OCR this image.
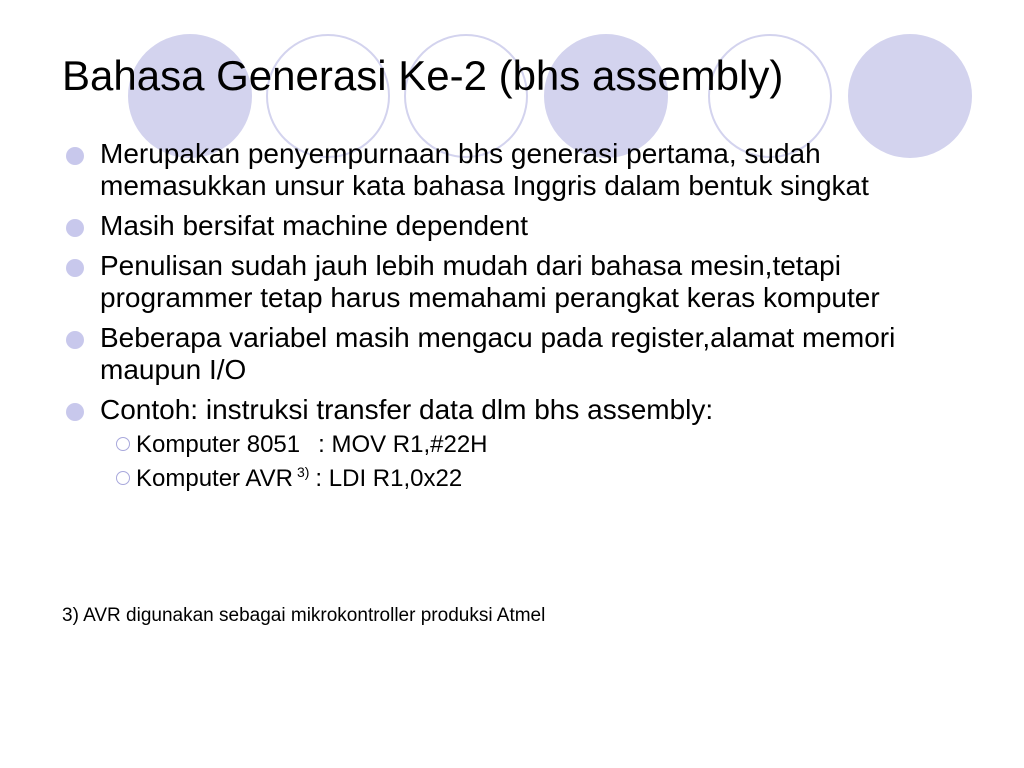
Bahasa Generasi Ke-2 (bhs assembly)
Merupakan penyempurnaan bhs generasi pertama, sudah memasukkan unsur kata bahasa Inggris dalam bentuk singkat
Masih bersifat machine dependent
Penulisan sudah jauh lebih mudah dari bahasa mesin,tetapi programmer tetap harus memahami perangkat keras komputer
Beberapa variabel masih mengacu pada register,alamat memori maupun I/O
Contoh: instruksi transfer data dlm bhs assembly:
Komputer 8051 : MOV R1,#22H
Komputer AVR $^{3)}$ : LDI R1,0x22
3) AVR digunakan sebagai mikrokontroller produksi Atmel
